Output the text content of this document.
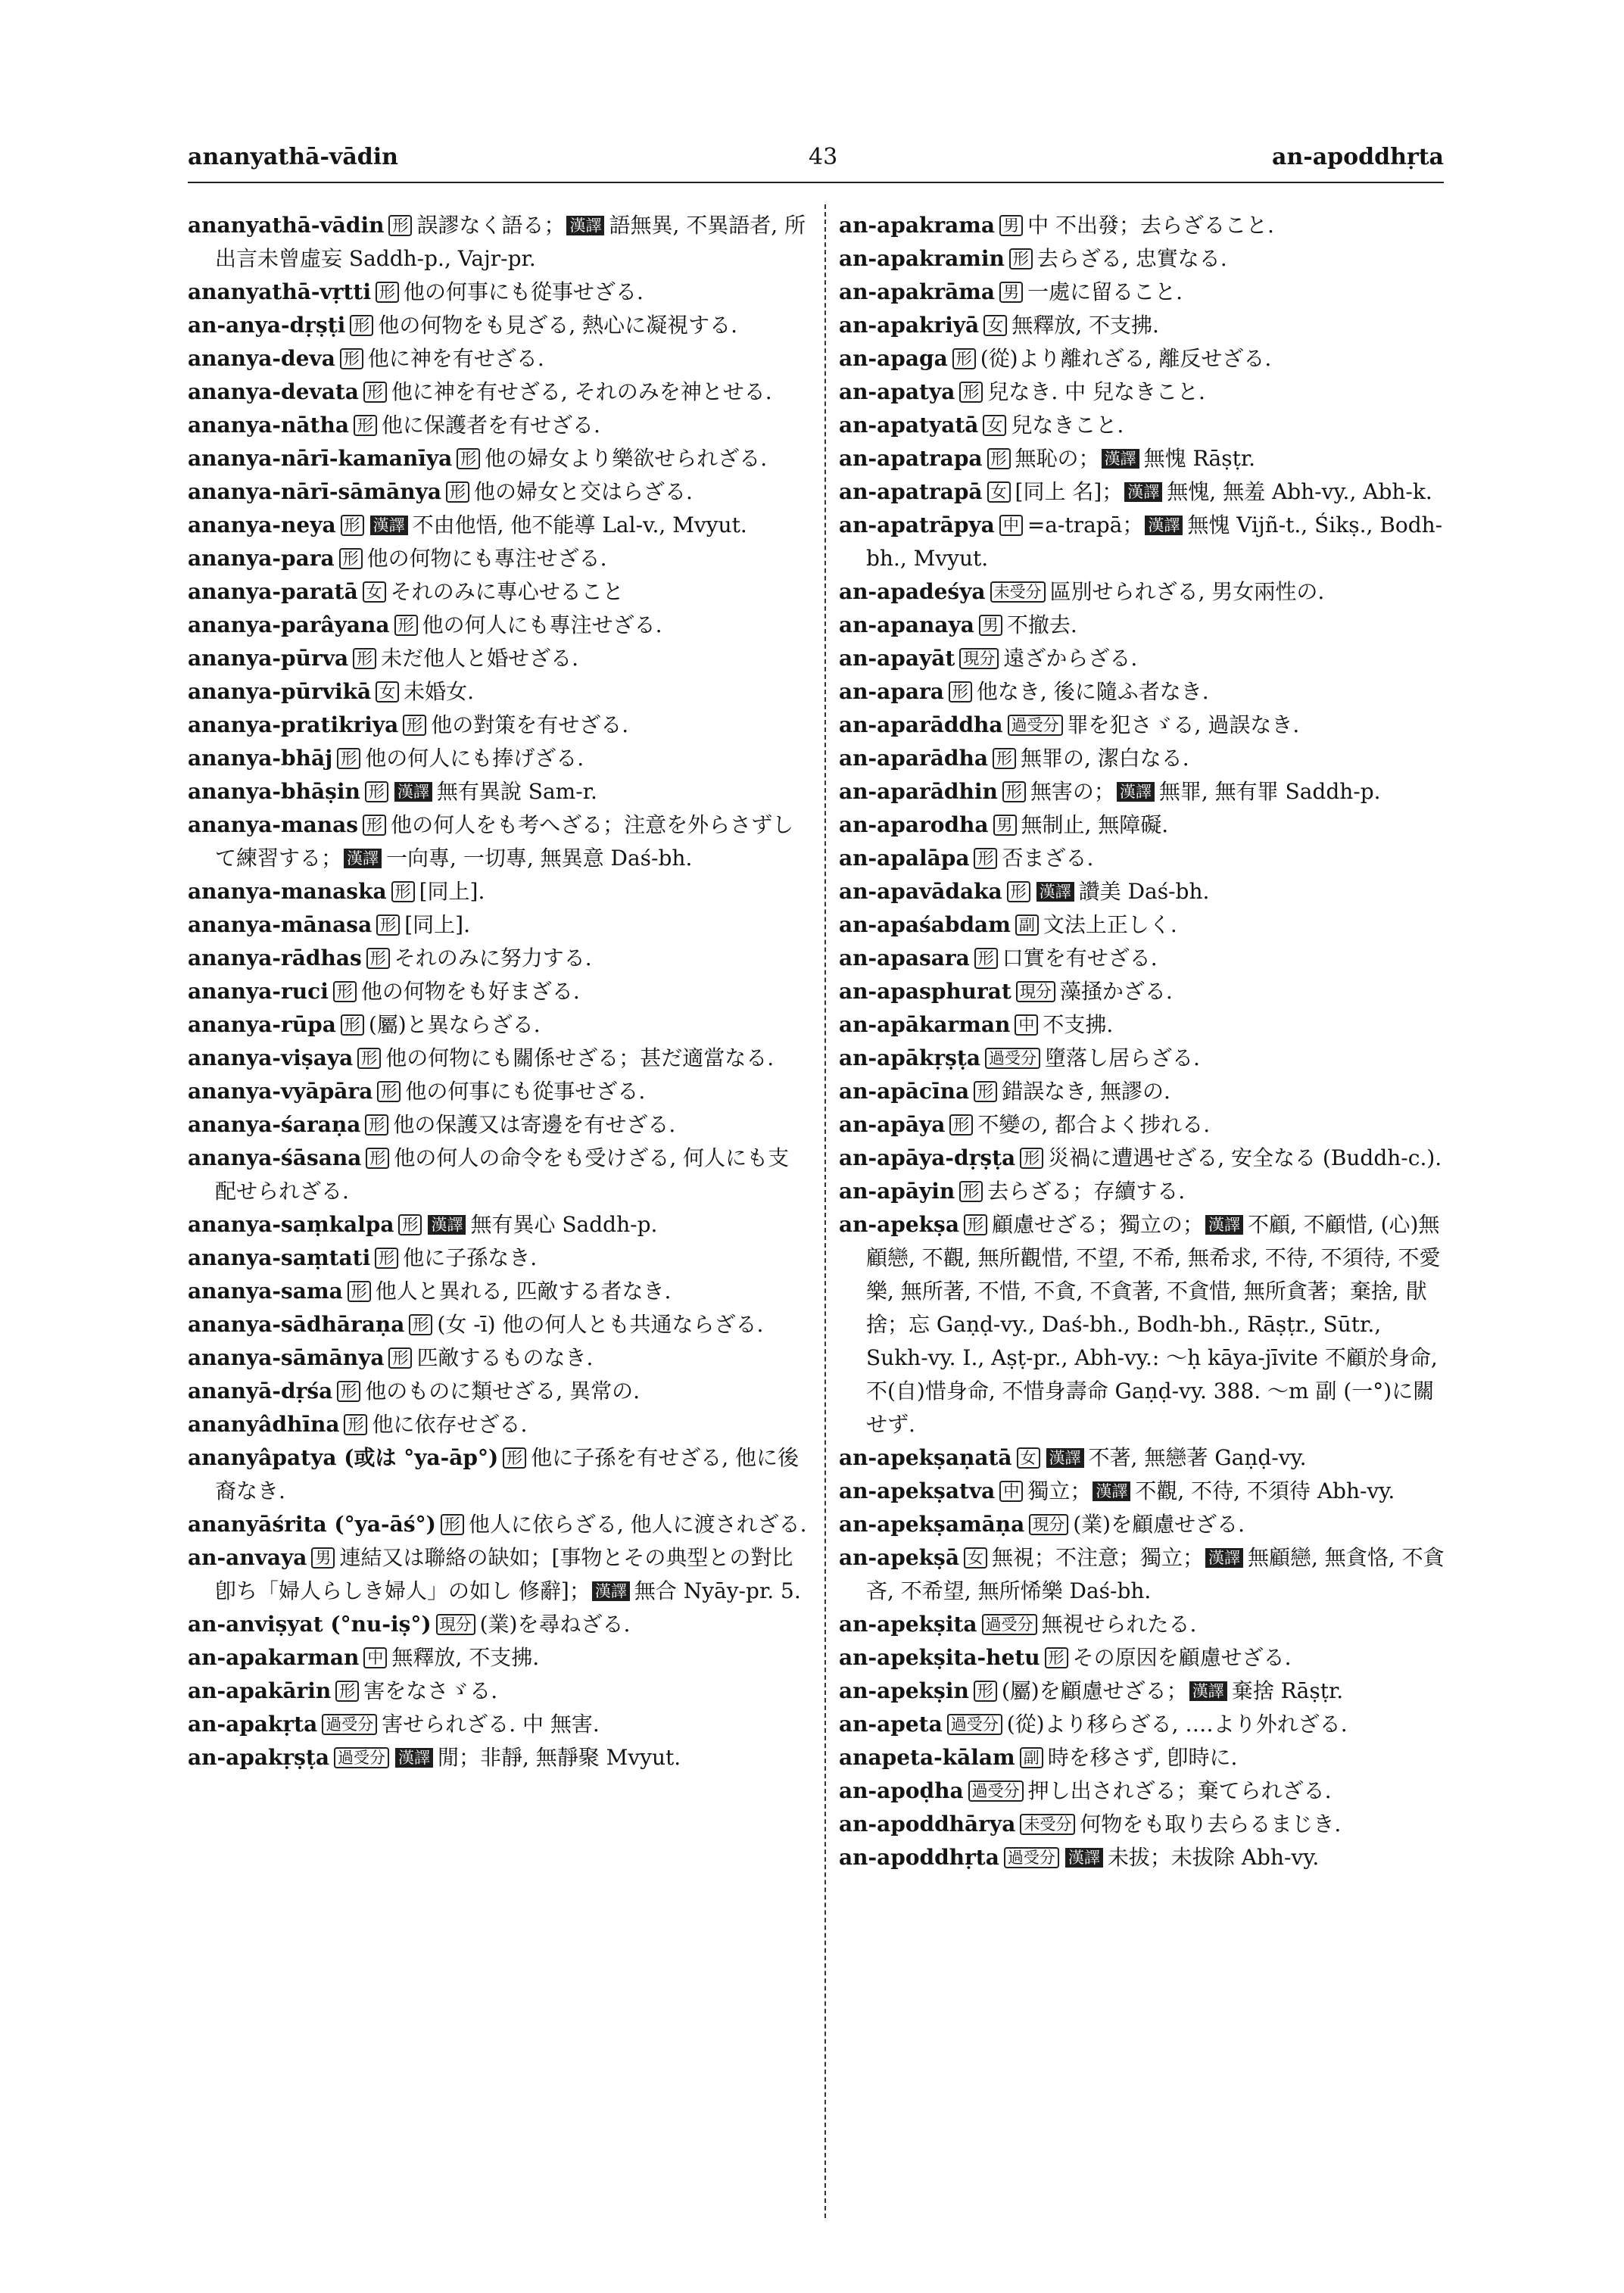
ananyathā-vādin	43	an-apoddhṛta

ananyathā-vādin 形 誤謬なく語る； 漢譯 語無異, 不異語者, 所出言未曾虛妄 Saddh-p., Vajr-pr.

ananyathā-vṛtti 形 他の何事にも從事せざる.

an-anya-dṛṣṭi 形 他の何物をも見ざる, 熱心に凝視する.

ananya-deva 形 他に神を有せざる.

ananya-devata 形 他に神を有せざる, それのみを神とせる.

ananya-nātha 形 他に保護者を有せざる.

ananya-nārī-kamanīya 形 他の婦女より樂欲せられざる.

ananya-nārī-sāmānya 形 他の婦女と交はらざる.

ananya-neya 形 漢譯 不由他悟, 他不能導 Lal-v., Mvyut.

ananya-para 形 他の何物にも專注せざる.

ananya-paratā 女 それのみに專心せること

ananya-parâyana 形 他の何人にも專注せざる.

ananya-pūrva 形 未だ他人と婚せざる.

ananya-pūrvikā 女 未婚女.

ananya-pratikriya 形 他の對策を有せざる.

ananya-bhāj 形 他の何人にも捧げざる.

ananya-bhāṣin 形 漢譯 無有異說 Sam-r.

ananya-manas 形 他の何人をも考へざる；注意を外らさずして練習する； 漢譯 一向專, 一切專, 無異意 Daś-bh.

ananya-manaska 形 [同上].

ananya-mānasa 形 [同上].

ananya-rādhas 形 それのみに努力する.

ananya-ruci 形 他の何物をも好まざる.

ananya-rūpa 形 (屬)と異ならざる.

ananya-viṣaya 形 他の何物にも關係せざる；甚だ適當なる.

ananya-vyāpāra 形 他の何事にも從事せざる.

ananya-śaraṇa 形 他の保護又は寄邊を有せざる.

ananya-śāsana 形 他の何人の命令をも受けざる, 何人にも支配せられざる.

ananya-saṃkalpa 形 漢譯 無有異心 Saddh-p.

ananya-saṃtati 形 他に子孫なき.

ananya-sama 形 他人と異れる, 匹敵する者なき.

ananya-sādhāraṇa 形 (女 -ī) 他の何人とも共通ならざる.

ananya-sāmānya 形 匹敵するものなき.

ananyā-dṛśa 形 他のものに類せざる, 異常の.

ananyâdhīna 形 他に依存せざる.

ananyâpatya (或は °ya-āp°) 形 他に子孫を有せざる, 他に後裔なき.

ananyāśrita (°ya-āś°) 形 他人に依らざる, 他人に渡されざる.

an-anvaya 男 連結又は聯絡の缺如；[事物とその典型との對比卽ち「婦人らしき婦人」の如し 修辭]； 漢譯 無合 Nyāy-pr. 5.

an-anviṣyat (°nu-iṣ°) 現分 (業)を尋ねざる.

an-apakarman 中 無釋放, 不支拂.

an-apakārin 形 害をなさゞる.

an-apakṛta 過受分 害せられざる. 中 無害.

an-apakṛṣṭa 過受分 漢譯 閒；非靜, 無靜聚 Mvyut.

an-apakrama 男 中 不出發；去らざること.

an-apakramin 形 去らざる, 忠實なる.

an-apakrāma 男 一處に留ること.

an-apakriyā 女 無釋放, 不支拂.

an-apaga 形 (從)より離れざる, 離反せざる.

an-apatya 形 兒なき. 中 兒なきこと.

an-apatyatā 女 兒なきこと.

an-apatrapa 形 無恥の； 漢譯 無愧 Rāṣṭr.

an-apatrapā 女 [同上 名]； 漢譯 無愧, 無羞 Abh-vy., Abh-k.

an-apatrāpya 中 =a-trapā； 漢譯 無愧 Vijñ-t., Śikṣ., Bodh-bh., Mvyut.

an-apadeśya 未受分 區別せられざる, 男女兩性の.

an-apanaya 男 不撤去.

an-apayāt 現分 遠ざからざる.

an-apara 形 他なき, 後に隨ふ者なき.

an-aparāddha 過受分 罪を犯さゞる, 過誤なき.

an-aparādha 形 無罪の, 潔白なる.

an-aparādhin 形 無害の； 漢譯 無罪, 無有罪 Saddh-p.

an-aparodha 男 無制止, 無障礙.

an-apalāpa 形 否まざる.

an-apavādaka 形 漢譯 讚美 Daś-bh.

an-apaśabdam 副 文法上正しく.

an-apasara 形 口實を有せざる.

an-apasphurat 現分 藻掻かざる.

an-apākarman 中 不支拂.

an-apākṛṣṭa 過受分 墮落し居らざる.

an-apācīna 形 錯誤なき, 無謬の.

an-apāya 形 不變の, 都合よく捗れる.

an-apāya-dṛṣṭa 形 災禍に遭遇せざる, 安全なる (Buddh-c.).

an-apāyin 形 去らざる；存續する.

an-apekṣa 形 顧慮せざる；獨立の； 漢譯 不顧, 不顧惜, (心)無顧戀, 不觀, 無所觀惜, 不望, 不希, 無希求, 不待, 不須待, 不愛樂, 無所著, 不惜, 不貪, 不貪著, 不貪惜, 無所貪著；棄捨, 猒捨；忘 Gaṇḍ-vy., Daś-bh., Bodh-bh., Rāṣṭr., Sūtr., Sukh-vy. I., Aṣṭ-pr., Abh-vy.: ～ḥ kāya-jīvite 不顧於身命, 不(自)惜身命, 不惜身壽命 Gaṇḍ-vy. 388. ～m 副 (一°)に關せず.

an-apekṣaṇatā 女 漢譯 不著, 無戀著 Gaṇḍ-vy.

an-apekṣatva 中 獨立； 漢譯 不觀, 不待, 不須待 Abh-vy.

an-apekṣamāṇa 現分 (業)を顧慮せざる.

an-apekṣā 女 無視；不注意；獨立； 漢譯 無顧戀, 無貪恪, 不貪吝, 不希望, 無所悕樂 Daś-bh.

an-apekṣita 過受分 無視せられたる.

an-apekṣita-hetu 形 その原因を顧慮せざる.

an-apekṣin 形 (屬)を顧慮せざる； 漢譯 棄捨 Rāṣṭr.

an-apeta 過受分 (從)より移らざる, ‥‥より外れざる.

anapeta-kālam 副 時を移さず, 卽時に.

an-apoḍha 過受分 押し出されざる；棄てられざる.

an-apoddhārya 未受分 何物をも取り去らるまじき.

an-apoddhṛta 過受分 漢譯 未拔；未拔除 Abh-vy.
